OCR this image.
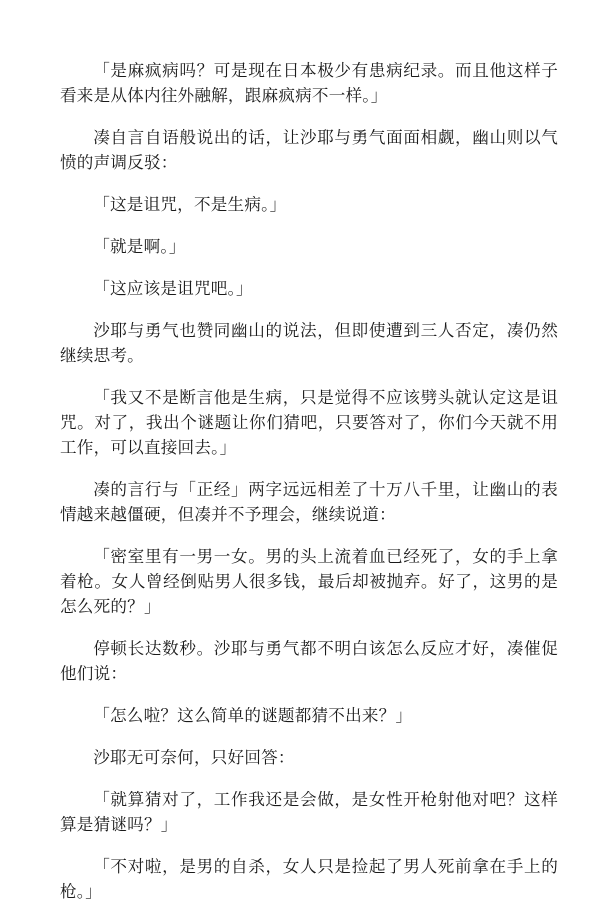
「是麻疯病吗？可是现在日本极少有患病纪录。而且他这样子看来是从体内往外融解，跟麻疯病不一样。」

凑自言自语般说出的话，让沙耶与勇气面面相觑，幽山则以气愤的声调反驳：

「这是诅咒，不是生病。」

「就是啊。」

「这应该是诅咒吧。」

沙耶与勇气也赞同幽山的说法，但即使遭到三人否定，凑仍然继续思考。

「我又不是断言他是生病，只是觉得不应该劈头就认定这是诅咒。对了，我出个谜题让你们猜吧，只要答对了，你们今天就不用工作，可以直接回去。」

凑的言行与「正经」两字远远相差了十万八千里，让幽山的表情越来越僵硬，但凑并不予理会，继续说道：

「密室里有一男一女。男的头上流着血已经死了，女的手上拿着枪。女人曾经倒贴男人很多钱，最后却被抛弃。好了，这男的是怎么死的？」

停顿长达数秒。沙耶与勇气都不明白该怎么反应才好，凑催促他们说：

「怎么啦？这么简单的谜题都猜不出来？」

沙耶无可奈何，只好回答：

「就算猜对了，工作我还是会做，是女性开枪射他对吧？这样算是猜谜吗？」

「不对啦，是男的自杀，女人只是捡起了男人死前拿在手上的枪。」
